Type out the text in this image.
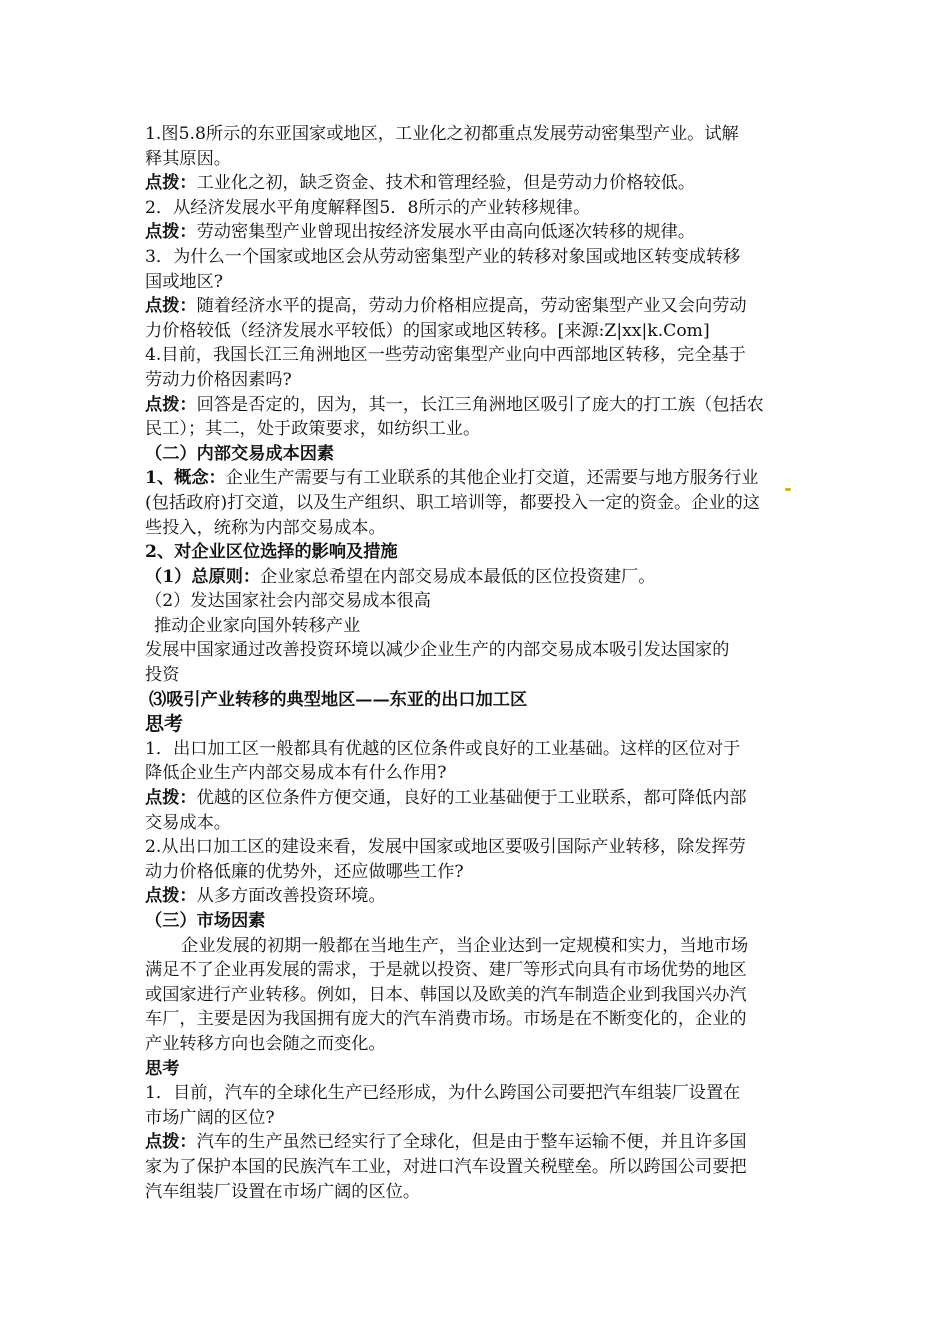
1.图5.8所示的东亚国家或地区，工业化之初都重点发展劳动密集型产业。试解
释其原因。
点拨：工业化之初，缺乏资金、技术和管理经验，但是劳动力价格较低。
2．从经济发展水平角度解释图5．8所示的产业转移规律。
点拨：劳动密集型产业曾现出按经济发展水平由高向低逐次转移的规律。
3．为什么一个国家或地区会从劳动密集型产业的转移对象国或地区转变成转移
国或地区?
点拨：随着经济水平的提高，劳动力价格相应提高，劳动密集型产业又会向劳动
力价格较低（经济发展水平较低）的国家或地区转移。[来源:Z|xx|k.Com]
4.目前，我国长江三角洲地区一些劳动密集型产业向中西部地区转移，完全基于
劳动力价格因素吗?
点拨：回答是否定的，因为，其一，长江三角洲地区吸引了庞大的打工族（包括农
民工）；其二，处于政策要求，如纺织工业。
（二）内部交易成本因素
1、概念：企业生产需要与有工业联系的其他企业打交道，还需要与地方服务行业
(包括政府)打交道，以及生产组织、职工培训等，都要投入一定的资金。企业的这
些投入，统称为内部交易成本。
2、对企业区位选择的影响及措施
（1）总原则：企业家总希望在内部交易成本最低的区位投资建厂。
（2）发达国家社会内部交易成本很高
推动企业家向国外转移产业
发展中国家通过改善投资环境以减少企业生产的内部交易成本吸引发达国家的
投资
⑶吸引产业转移的典型地区——东亚的出口加工区
思考
1．出口加工区一般都具有优越的区位条件或良好的工业基础。这样的区位对于
降低企业生产内部交易成本有什么作用?
点拨：优越的区位条件方便交通，良好的工业基础便于工业联系，都可降低内部
交易成本。
2.从出口加工区的建设来看，发展中国家或地区要吸引国际产业转移，除发挥劳
动力价格低廉的优势外，还应做哪些工作?
点拨：从多方面改善投资环境。
（三）市场因素
企业发展的初期一般都在当地生产，当企业达到一定规模和实力，当地市场
满足不了企业再发展的需求，于是就以投资、建厂等形式向具有市场优势的地区
或国家进行产业转移。例如，日本、韩国以及欧美的汽车制造企业到我国兴办汽
车厂，主要是因为我国拥有庞大的汽车消费市场。市场是在不断变化的，企业的
产业转移方向也会随之而变化。
思考
1．目前，汽车的全球化生产已经形成，为什么跨国公司要把汽车组装厂设置在
市场广阔的区位?
点拨：汽车的生产虽然已经实行了全球化，但是由于整车运输不便，并且许多国
家为了保护本国的民族汽车工业，对进口汽车设置关税壁垒。所以跨国公司要把
汽车组装厂设置在市场广阔的区位。
